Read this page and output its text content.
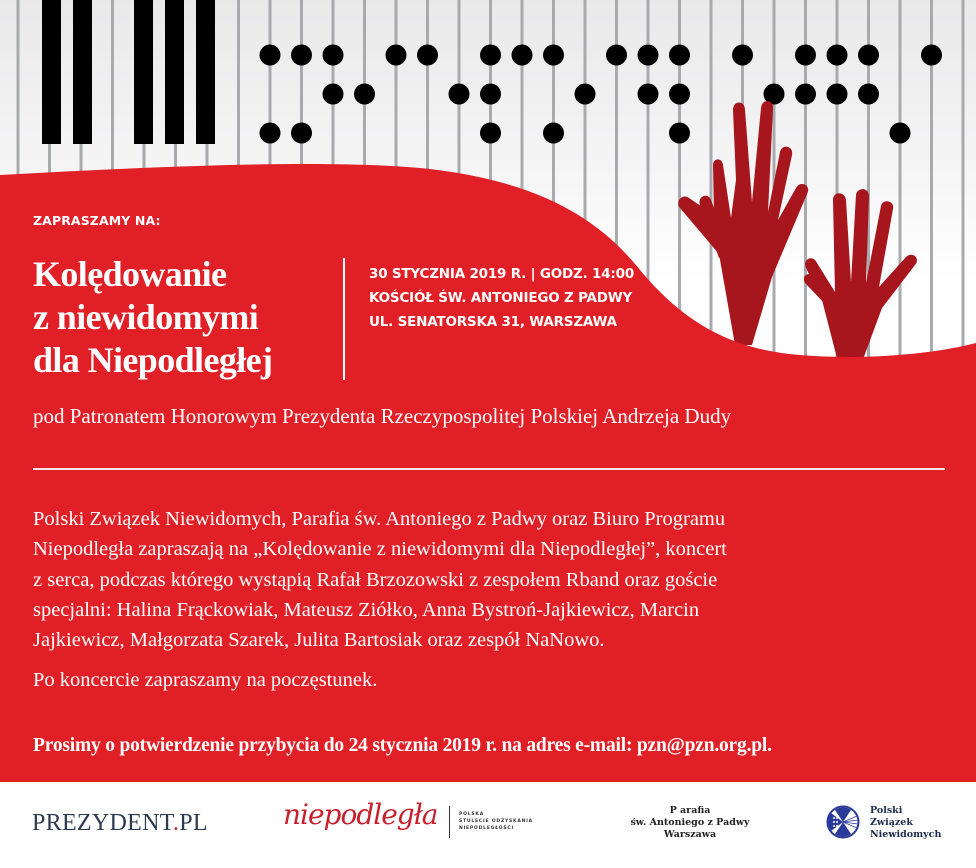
ZAPRASZAMY NA:
Kolędowanie
z niewidomymi
dla Niepodległej
30 STYCZNIA 2019 R. | GODZ. 14:00
KOŚCIÓŁ ŚW. ANTONIEGO Z PADWY
UL. SENATORSKA 31, WARSZAWA
pod Patronatem Honorowym Prezydenta Rzeczypospolitej Polskiej Andrzeja Dudy

Polski Związek Niewidomych, Parafia św. Antoniego z Padwy oraz Biuro Programu

Niepodległa zapraszają na „Kolędowanie z niewidomymi dla Niepodległej”, koncert

z serca, podczas którego wystąpią Rafał Brzozowski z zespołem Rband oraz goście

specjalni: Halina Frąckowiak, Mateusz Ziółko, Anna Bystroń-Jajkiewicz, Marcin

Jajkiewicz, Małgorzata Szarek, Julita Bartosiak oraz zespół NaNowo.

Po koncercie zapraszamy na poczęstunek.

Prosimy o potwierdzenie przybycia do 24 stycznia 2019 r. na adres e-mail: pzn@pzn.org.pl.
PREZYDENT.PL	niepodległa	POLSKA
STULECIE ODZYSKANIA
NIEPODLEGŁOŚCI
P arafia
św. Antoniego z Padwy
Warszawa
Polski
Związek
Niewidomych
